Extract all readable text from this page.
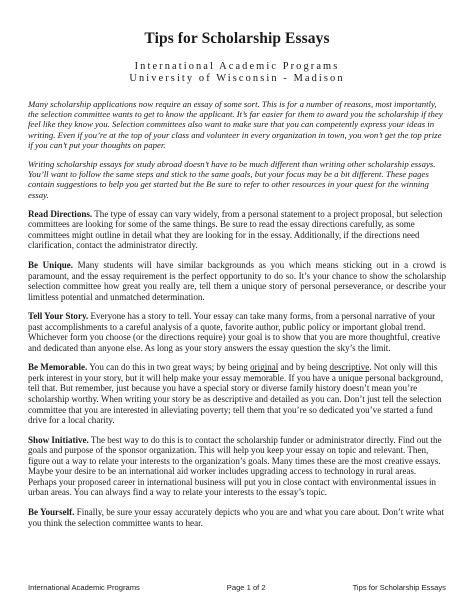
Tips for Scholarship Essays

International Academic Programs

University of Wisconsin - Madison

Many scholarship applications now require an essay of some sort. This is for a number of reasons, most importantly, the selection committee wants to get to know the applicant. It’s far easier for them to award you the scholarship if they feel like they know you. Selection committees also want to make sure that you can competently express your ideas in writing. Even if you’re at the top of your class and volunteer in every organization in town, you won’t get the top prize if you can’t put your thoughts on paper.

Writing scholarship essays for study abroad doesn’t have to be much different than writing other scholarship essays. You’ll want to follow the same steps and stick to the same goals, but your focus may be a bit different. These pages contain suggestions to help you get started but the Be sure to refer to other resources in your quest for the winning essay.

Read Directions. The type of essay can vary widely, from a personal statement to a project proposal, but selection committees are looking for some of the same things. Be sure to read the essay directions carefully, as some committees might outline in detail what they are looking for in the essay. Additionally, if the directions need clarification, contact the administrator directly.

Be Unique. Many students will have similar backgrounds as you which means sticking out in a crowd is paramount, and the essay requirement is the perfect opportunity to do so. It’s your chance to show the scholarship selection committee how great you really are, tell them a unique story of personal perseverance, or describe your limitless potential and unmatched determination.

Tell Your Story. Everyone has a story to tell. Your essay can take many forms, from a personal narrative of your past accomplishments to a careful analysis of a quote, favorite author, public policy or important global trend. Whichever form you choose (or the directions require) your goal is to show that you are more thoughtful, creative and dedicated than anyone else. As long as your story answers the essay question the sky’s the limit.

Be Memorable. You can do this in two great ways; by being original and by being descriptive. Not only will this perk interest in your story, but it will help make your essay memorable. If you have a unique personal background, tell that. But remember, just because you have a special story or diverse family history doesn’t mean you’re scholarship worthy. When writing your story be as descriptive and detailed as you can. Don’t just tell the selection committee that you are interested in alleviating poverty; tell them that you’re so dedicated you’ve started a fund drive for a local charity.

Show Initiative. The best way to do this is to contact the scholarship funder or administrator directly. Find out the goals and purpose of the sponsor organization. This will help you keep your essay on topic and relevant. Then, figure out a way to relate your interests to the organization’s goals. Many times these are the most creative essays. Maybe your desire to be an international aid worker includes upgrading access to technology in rural areas. Perhaps your proposed career in international business will put you in close contact with environmental issues in urban areas. You can always find a way to relate your interests to the essay’s topic.

Be Yourself. Finally, be sure your essay accurately depicts who you are and what you care about. Don’t write what you think the selection committee wants to hear.

International Academic Programs	Page 1 of 2	Tips for Scholarship Essays
